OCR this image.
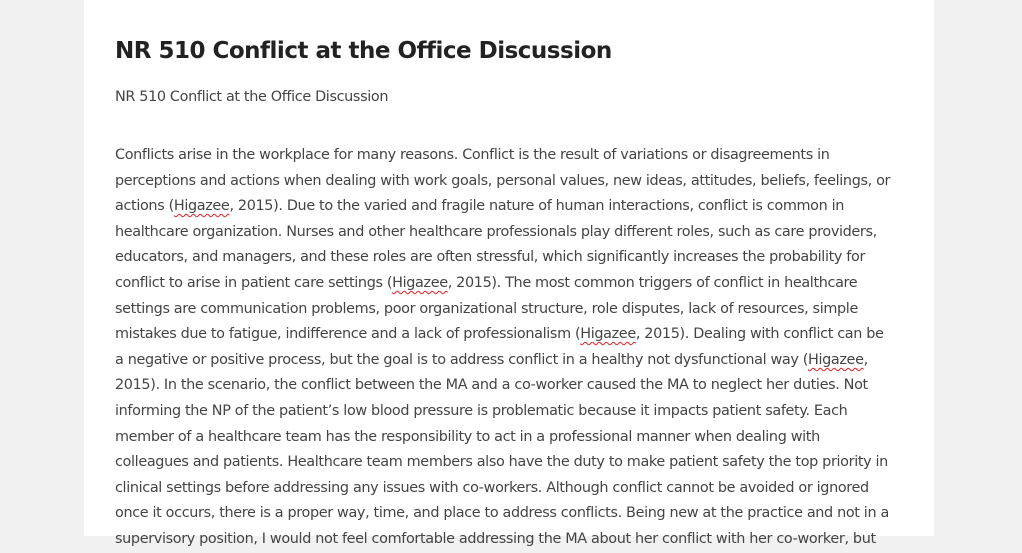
NR 510 Conflict at the Office Discussion

NR 510 Conflict at the Office Discussion

Conflicts arise in the workplace for many reasons. Conflict is the result of variations or disagreements in
perceptions and actions when dealing with work goals, personal values, new ideas, attitudes, beliefs, feelings, or
actions (Higazee, 2015). Due to the varied and fragile nature of human interactions, conflict is common in
healthcare organization. Nurses and other healthcare professionals play different roles, such as care providers,
educators, and managers, and these roles are often stressful, which significantly increases the probability for
conflict to arise in patient care settings (Higazee, 2015). The most common triggers of conflict in healthcare
settings are communication problems, poor organizational structure, role disputes, lack of resources, simple
mistakes due to fatigue, indifference and a lack of professionalism (Higazee, 2015). Dealing with conflict can be
a negative or positive process, but the goal is to address conflict in a healthy not dysfunctional way (Higazee,
2015). In the scenario, the conflict between the MA and a co-worker caused the MA to neglect her duties. Not
informing the NP of the patient’s low blood pressure is problematic because it impacts patient safety. Each
member of a healthcare team has the responsibility to act in a professional manner when dealing with
colleagues and patients. Healthcare team members also have the duty to make patient safety the top priority in
clinical settings before addressing any issues with co-workers. Although conflict cannot be avoided or ignored
once it occurs, there is a proper way, time, and place to address conflicts. Being new at the practice and not in a
supervisory position, I would not feel comfortable addressing the MA about her conflict with her co-worker, but
